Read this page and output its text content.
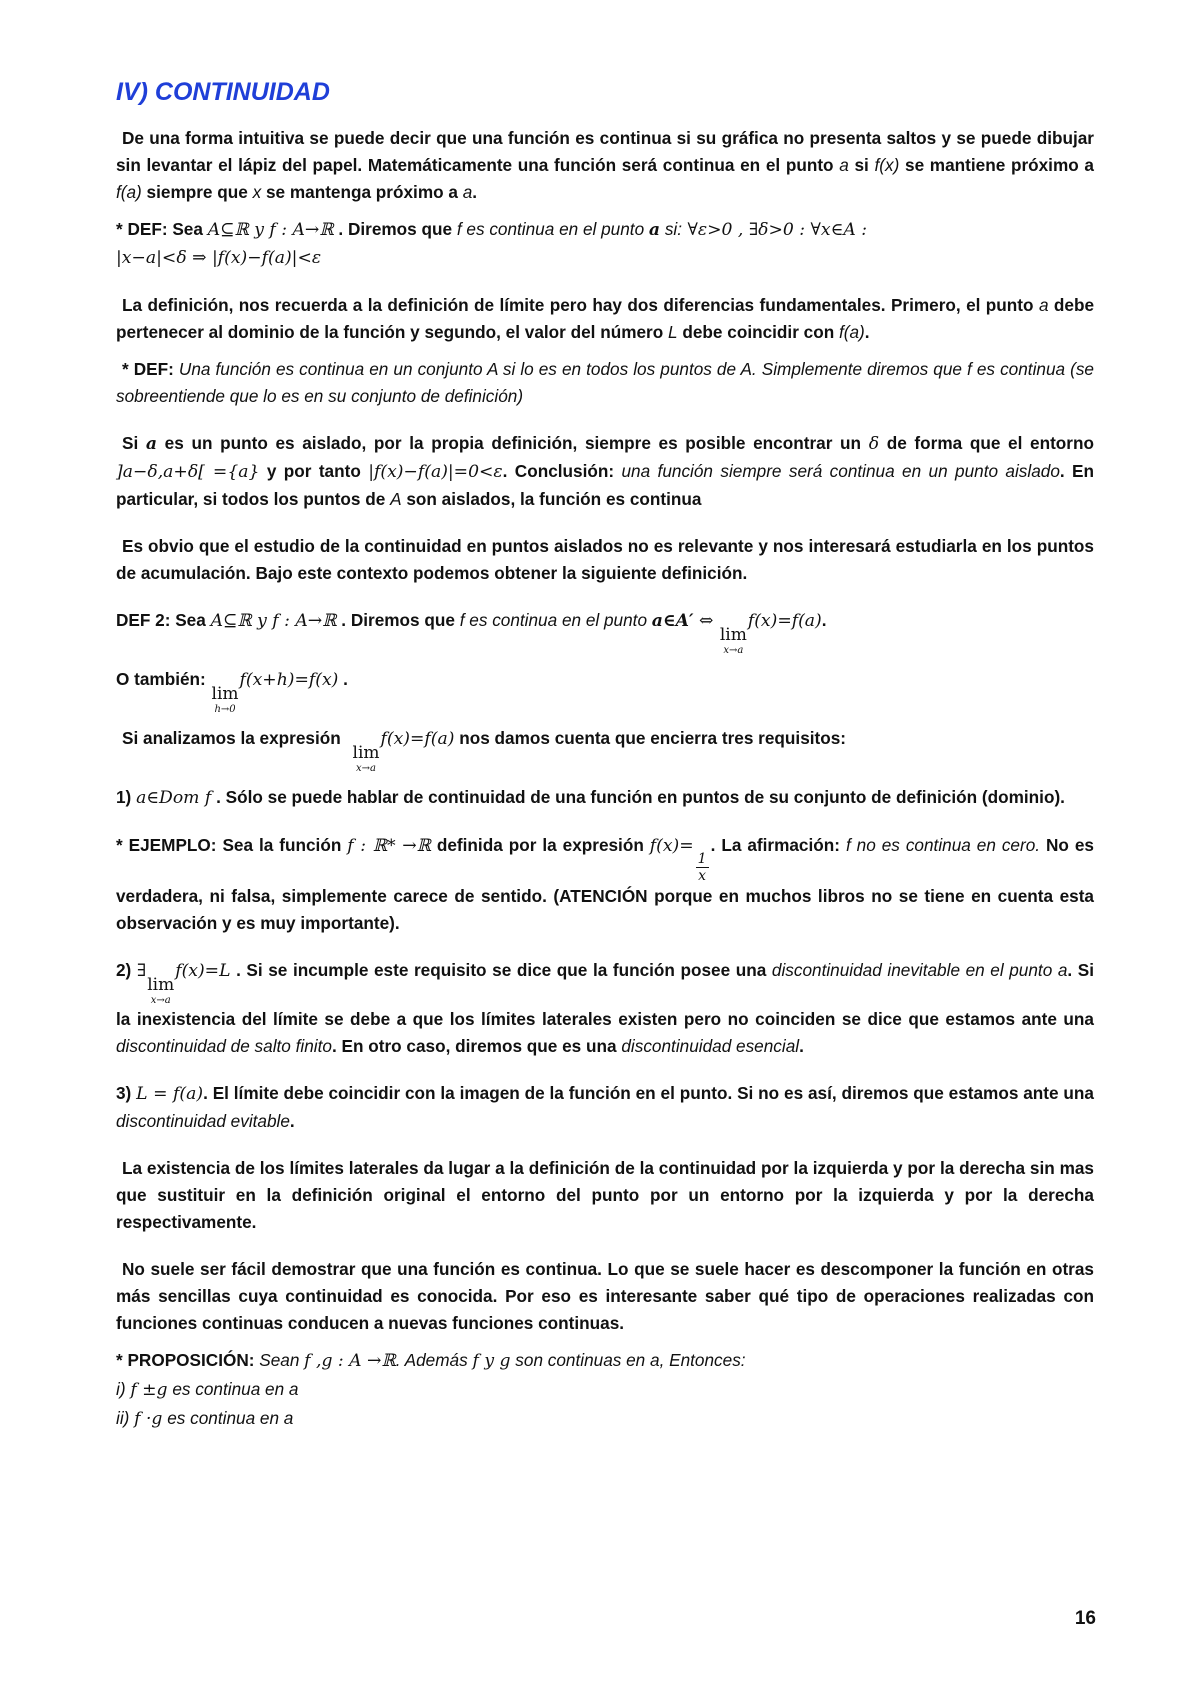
IV) CONTINUIDAD

De una forma intuitiva se puede decir que una función es continua si su gráfica no presenta saltos y se puede dibujar sin levantar el lápiz del papel. Matemáticamente una función será continua en el punto a si f(x) se mantiene próximo a f(a) siempre que x se mantenga próximo a a.

* DEF: Sea A⊆ℝ y f : A→ℝ . Diremos que f es continua en el punto a si: ∀ε>0 , ∃δ>0 : ∀x∈A :
|x−a|<δ ⇒ |f(x)−f(a)|<ε

La definición, nos recuerda a la definición de límite pero hay dos diferencias fundamentales. Primero, el punto a debe pertenecer al dominio de la función y segundo, el valor del número L debe coincidir con f(a).

* DEF: Una función es continua en un conjunto A si lo es en todos los puntos de A. Simplemente diremos que f es continua (se sobreentiende que lo es en su conjunto de definición)

Si a es un punto es aislado, por la propia definición, siempre es posible encontrar un δ de forma que el entorno ]a−δ,a+δ[ ={a} y por tanto |f(x)−f(a)|=0<ε. Conclusión: una función siempre será continua en un punto aislado. En particular, si todos los puntos de A son aislados, la función es continua

Es obvio que el estudio de la continuidad en puntos aislados no es relevante y nos interesará estudiarla en los puntos de acumulación. Bajo este contexto podemos obtener la siguiente definición.

DEF 2: Sea A⊆ℝ y f : A→ℝ . Diremos que f es continua en el punto a∈A′ ⇔
lim
x→a
f(x)=f(a).

O también:
lim
h→0
f(x+h)=f(x) .

Si analizamos la expresión
lim
x→a
f(x)=f(a) nos damos cuenta que encierra tres requisitos:

1) a∈Dom f . Sólo se puede hablar de continuidad de una función en puntos de su conjunto de definición (dominio).

* EJEMPLO: Sea la función f : ℝ* →ℝ definida por la expresión f(x)=
$\frac{1}{x}$
. La afirmación: f no es continua en cero. No es verdadera, ni falsa, simplemente carece de sentido. (ATENCIÓN porque en muchos libros no se tiene en cuenta esta observación y es muy importante).

2) ∃
lim
x→a
f(x)=L . Si se incumple este requisito se dice que la función posee una discontinuidad inevitable en el punto a. Si la inexistencia del límite se debe a que los límites laterales existen pero no coinciden se dice que estamos ante una discontinuidad de salto finito. En otro caso, diremos que es una discontinuidad esencial.

3) L = f(a). El límite debe coincidir con la imagen de la función en el punto. Si no es así, diremos que estamos ante una discontinuidad evitable.

La existencia de los límites laterales da lugar a la definición de la continuidad por la izquierda y por la derecha sin mas que sustituir en la definición original el entorno del punto por un entorno por la izquierda y por la derecha respectivamente.

No suele ser fácil demostrar que una función es continua. Lo que se suele hacer es descomponer la función en otras más sencillas cuya continuidad es conocida. Por eso es interesante saber qué tipo de operaciones realizadas con funciones continuas conducen a nuevas funciones continuas.

* PROPOSICIÓN: Sean f ,g : A →ℝ. Además f y g son continuas en a, Entonces:

i) f ±g es continua en a
ii) f ·g es continua en a
16
